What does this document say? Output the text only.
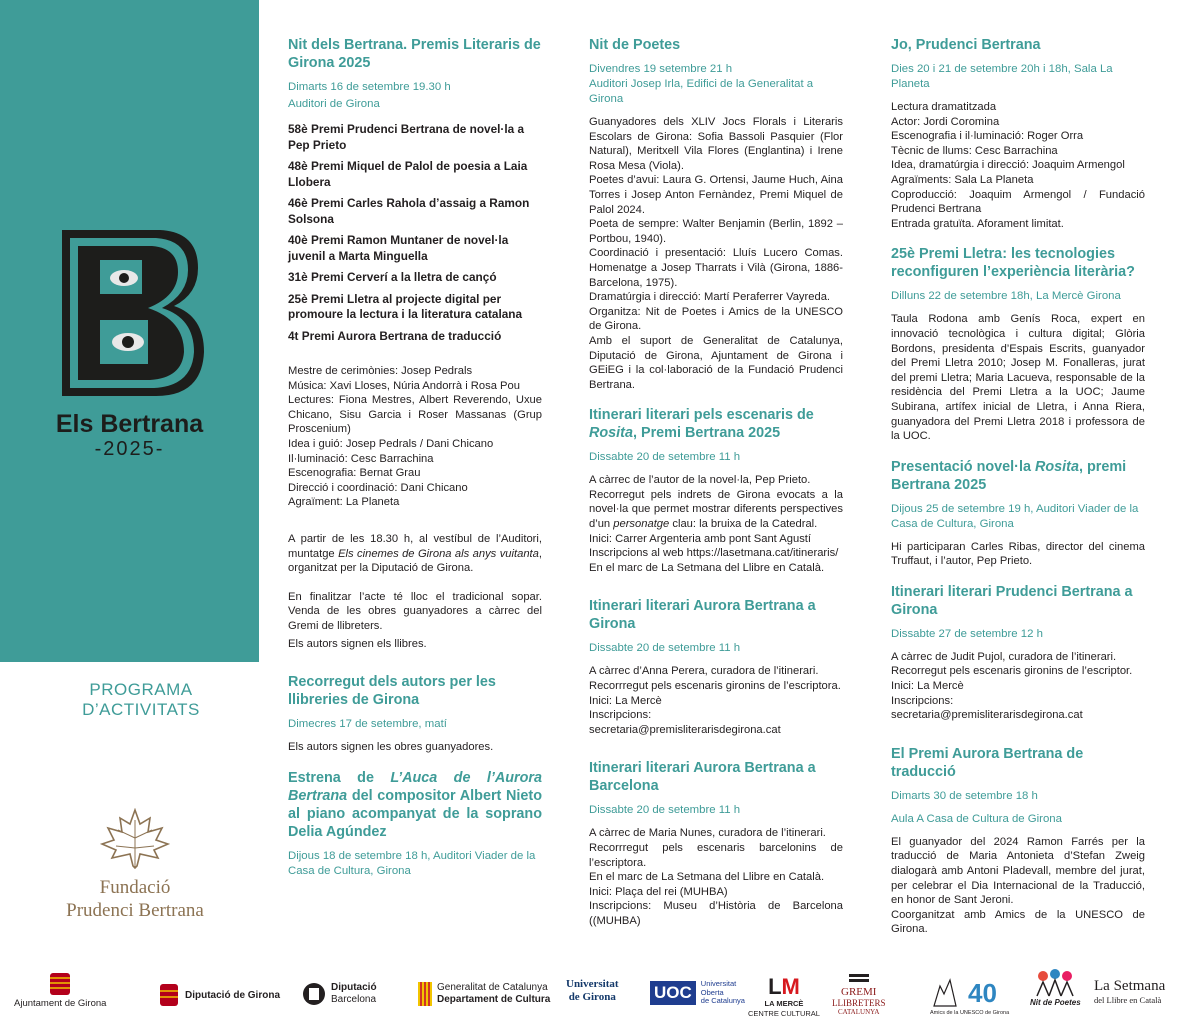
Els Bertrana
-2025-
PROGRAMA
D’ACTIVITATS
Fundació
Prudenci Bertrana
Nit dels Bertrana. Premis Literaris de Girona 2025
Dimarts 16 de setembre 19.30 h
Auditori de Girona
58è Premi Prudenci Bertrana de novel·la a Pep Prieto
48è Premi Miquel de Palol de poesia a Laia Llobera
46è Premi Carles Rahola d’assaig a Ramon Solsona
40è Premi Ramon Muntaner de novel·la juvenil a Marta Minguella
31è Premi Cerverí a la lletra de cançó
25è Premi Lletra al projecte digital per promoure la lectura i la literatura catalana
4t Premi Aurora Bertrana de traducció
Mestre de cerimònies: Josep Pedrals
Música: Xavi Lloses, Núria Andorrà i Rosa Pou
Lectures: Fiona Mestres, Albert Reverendo, Uxue Chicano, Sisu Garcia i Roser Massanas (Grup Proscenium)
Idea i guió: Josep Pedrals / Dani Chicano
Il·luminació: Cesc Barrachina
Escenografia: Bernat Grau
Direcció i coordinació: Dani Chicano
Agraïment: La Planeta
A partir de les 18.30 h, al vestíbul de l’Auditori, muntatge Els cinemes de Girona als anys vuitanta, organitzat per la Diputació de Girona.
En finalitzar l’acte té lloc el tradicional sopar. Venda de les obres guanyadores a càrrec del Gremi de llibreters.
Els autors signen els llibres.
Recorregut dels autors per les llibreries de Girona
Dimecres 17 de setembre, matí
Els autors signen les obres guanyadores.
Estrena de L’Auca de l’Aurora Bertrana del compositor Albert Nieto al piano acompanyat de la soprano Delia Agúndez
Dijous 18 de setembre 18 h, Auditori Viader de la Casa de Cultura, Girona
Nit de Poetes
Divendres 19 setembre 21 h
Auditori Josep Irla, Edifici de la Generalitat a Girona
Guanyadores dels XLIV Jocs Florals i Literaris Escolars de Girona: Sofia Bassoli Pasquier (Flor Natural), Meritxell Vila Flores (Englantina) i Irene Rosa Mesa (Viola).
Poetes d’avui: Laura G. Ortensi, Jaume Huch, Aina Torres i Josep Anton Fernàndez, Premi Miquel de Palol 2024.
Poeta de sempre: Walter Benjamin (Berlin, 1892 – Portbou, 1940).
Coordinació i presentació: Lluís Lucero Comas. Homenatge a Josep Tharrats i Vilà (Girona, 1886-Barcelona, 1975).
Dramatúrgia i direcció: Martí Peraferrer Vayreda.
Organitza: Nit de Poetes i Amics de la UNESCO de Girona.
Amb el suport de Generalitat de Catalunya, Diputació de Girona, Ajuntament de Girona i GEiEG i la col·laboració de la Fundació Prudenci Bertrana.
Itinerari literari pels escenaris de Rosita, Premi Bertrana 2025
Dissabte 20 de setembre 11 h
A càrrec de l’autor de la novel·la, Pep Prieto.
Recorregut pels indrets de Girona evocats a la novel·la que permet mostrar diferents perspectives d’un personatge clau: la bruixa de la Catedral.
Inici: Carrer Argenteria amb pont Sant Agustí
Inscripcions al web https://lasetmana.cat/itineraris/
En el marc de La Setmana del Llibre en Català.
Itinerari literari Aurora Bertrana a Girona
Dissabte 20 de setembre 11 h
A càrrec d’Anna Perera, curadora de l’itinerari.
Recorrregut pels escenaris gironins de l’escriptora.
Inici: La Mercè
Inscripcions:
secretaria@premisliterarisdegirona.cat
Itinerari literari Aurora Bertrana a Barcelona
Dissabte 20 de setembre 11 h
A càrrec de Maria Nunes, curadora de l’itinerari.
Recorrregut pels escenaris barcelonins de l’escriptora.
En el marc de La Setmana del Llibre en Català.
Inici: Plaça del rei (MUHBA)
Inscripcions: Museu d’Història de Barcelona ((MUHBA)
Jo, Prudenci Bertrana
Dies 20 i 21 de setembre 20h i 18h, Sala La Planeta
Lectura dramatitzada
Actor: Jordi Coromina
Escenografia i il·luminació: Roger Orra
Tècnic de llums: Cesc Barrachina
Idea, dramatúrgia i direcció: Joaquim Armengol
Agraïments: Sala La Planeta
Coproducció: Joaquim Armengol / Fundació Prudenci Bertrana
Entrada gratuïta. Aforament limitat.
25è Premi Lletra: les tecnologies reconfiguren l’experiència literària?
Dilluns 22 de setembre 18h, La Mercè Girona
Taula Rodona amb Genís Roca, expert en innovació tecnològica i cultura digital; Glòria Bordons, presidenta d’Espais Escrits, guanyador del Premi Lletra 2010; Josep M. Fonalleras, jurat del premi Lletra; Maria Lacueva, responsable de la residència del Premi Lletra a la UOC; Jaume Subirana, artífex inicial de Lletra, i Anna Riera, guanyadora del Premi Lletra 2018 i professora de la UOC.
Presentació novel·la Rosita, premi Bertrana 2025
Dijous 25 de setembre 19 h, Auditori Viader de la Casa de Cultura, Girona
Hi participaran Carles Ribas, director del cinema Truffaut, i l’autor, Pep Prieto.
Itinerari literari Prudenci Bertrana a Girona
Dissabte 27 de setembre 12 h
A càrrec de Judit Pujol, curadora de l’itinerari.
Recorregut pels escenaris gironins de l’escriptor.
Inici: La Mercè
Inscripcions:
secretaria@premisliterarisdegirona.cat
El Premi Aurora Bertrana de traducció
Dimarts 30 de setembre 18 h
Aula A Casa de Cultura de Girona
El guanyador del 2024 Ramon Farrés per la traducció de Maria Antonieta d’Stefan Zweig dialogarà amb Antoni Pladevall, membre del jurat, per celebrar el Dia Internacional de la Traducció, en honor de Sant Jeroni.
Coorganitzat amb Amics de la UNESCO de Girona.
Ajuntament de Girona
Diputació de Girona
Diputació
Barcelona
Generalitat de Catalunya
Departament de Cultura
Universitat
de Girona UOC	Universitat
Oberta
de Catalunya
LM
LA MERCÈ
CENTRE CULTURAL
GREMI
LLIBRETERS
CATALUNYA
40
Amics de la UNESCO de Girona
Nit de Poetes
La Setmana
del Llibre en Català
